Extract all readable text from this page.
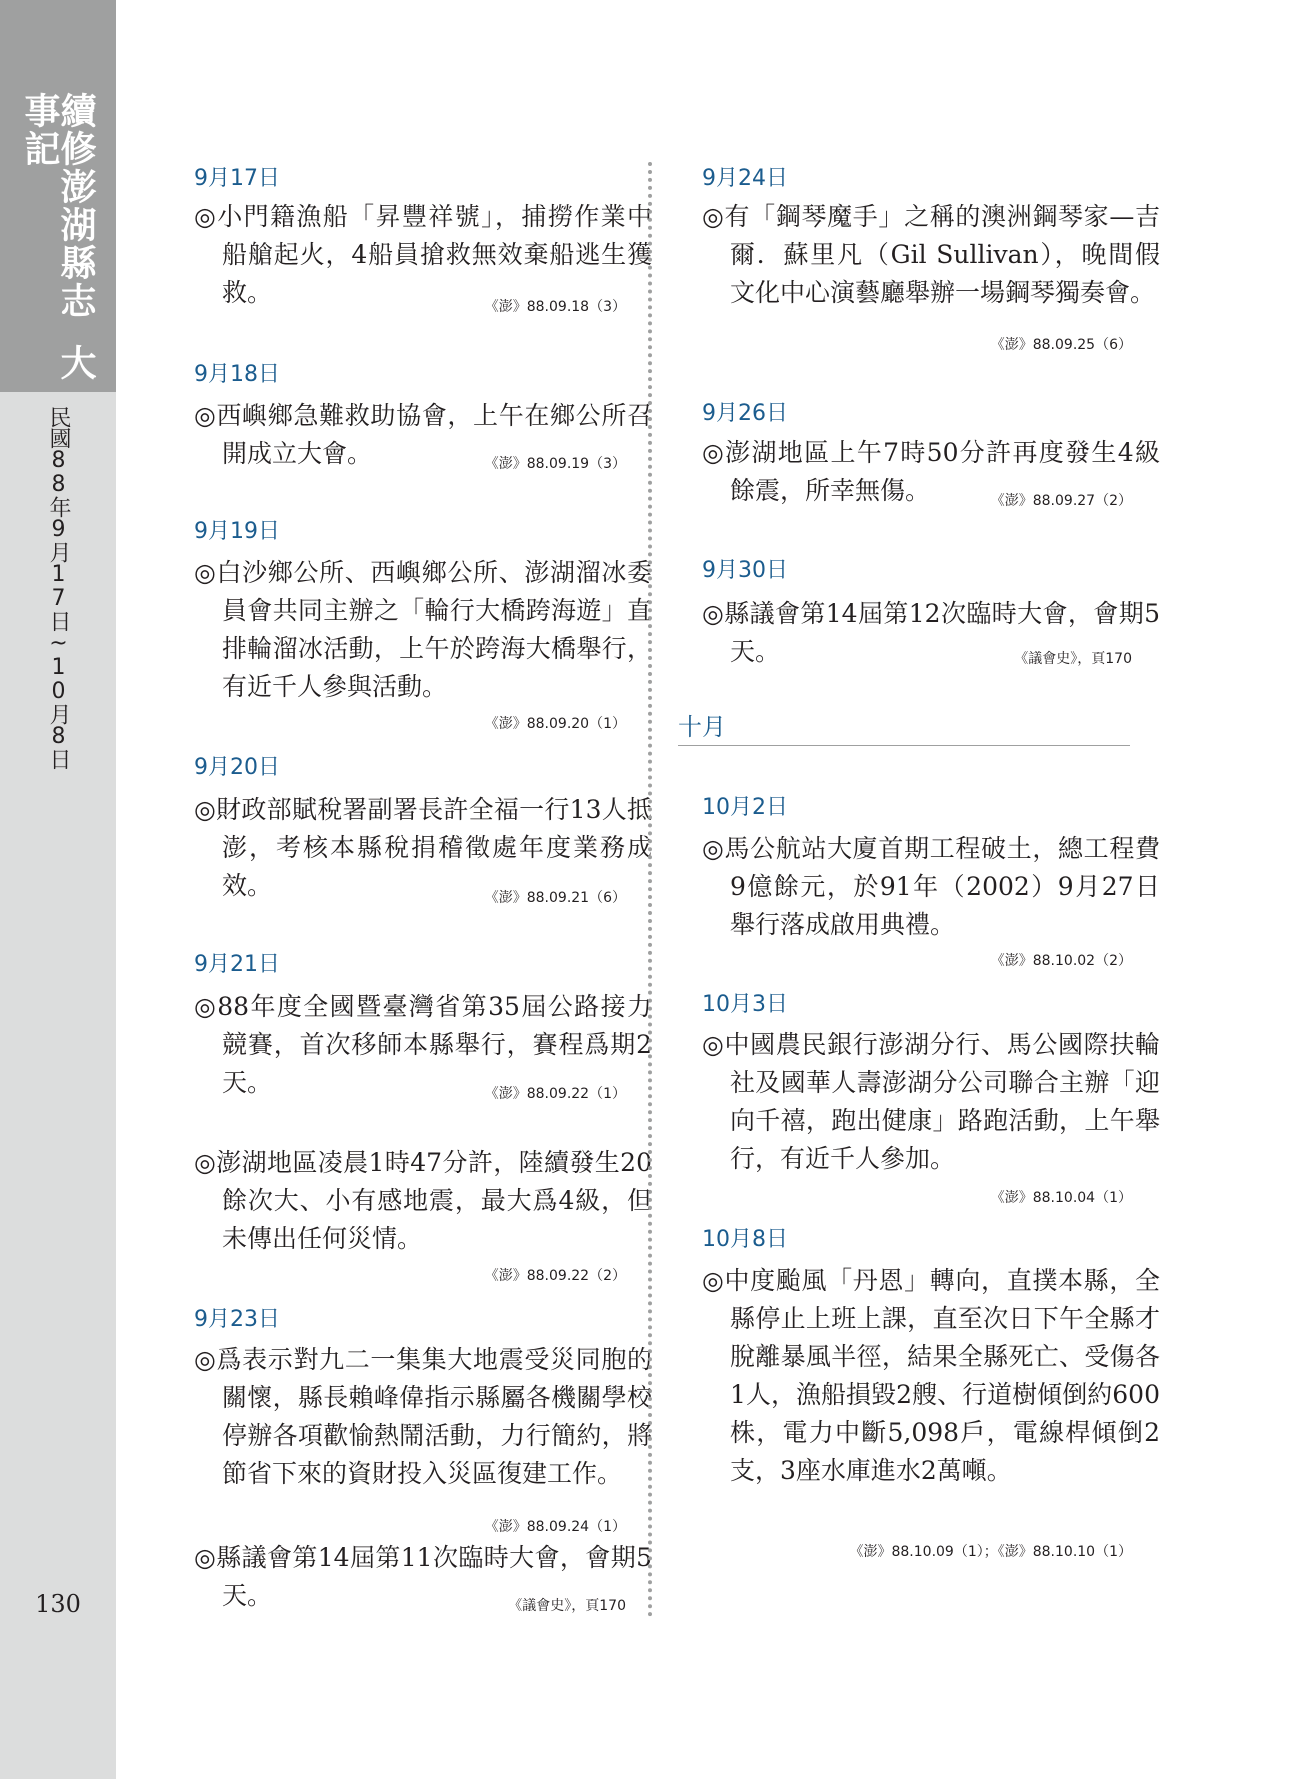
續修澎湖縣志大事記
民國88年9月17日~10月8日
130
9月17日
◎小門籍漁船「昇豐祥號」，捕撈作業中船艙起火，4船員搶救無效棄船逃生獲救。	《澎》88.09.18（3）
9月18日
◎西嶼鄉急難救助協會，上午在鄉公所召開成立大會。	《澎》88.09.19（3）
9月19日
◎白沙鄉公所、西嶼鄉公所、澎湖溜冰委員會共同主辦之「輪行大橋跨海遊」直排輪溜冰活動，上午於跨海大橋舉行，有近千人參與活動。
《澎》88.09.20（1）
9月20日
◎財政部賦稅署副署長許全福一行13人抵澎，考核本縣稅捐稽徵處年度業務成效。	《澎》88.09.21（6）
9月21日
◎88年度全國暨臺灣省第35屆公路接力競賽，首次移師本縣舉行，賽程爲期2天。	《澎》88.09.22（1）
◎澎湖地區凌晨1時47分許，陸續發生20餘次大、小有感地震，最大爲4級，但未傳出任何災情。
《澎》88.09.22（2）
9月23日
◎爲表示對九二一集集大地震受災同胞的關懷，縣長賴峰偉指示縣屬各機關學校停辦各項歡愉熱鬧活動，力行簡約，將節省下來的資財投入災區復建工作。
《澎》88.09.24（1）
◎縣議會第14屆第11次臨時大會，會期5天。	《議會史》，頁170
9月24日
◎有「鋼琴魔手」之稱的澳洲鋼琴家—吉爾．蘇里凡（Gil Sullivan），晚間假文化中心演藝廳舉辦一場鋼琴獨奏會。
《澎》88.09.25（6）
9月26日
◎澎湖地區上午7時50分許再度發生4級餘震，所幸無傷。	《澎》88.09.27（2）
9月30日
◎縣議會第14屆第12次臨時大會，會期5天。	《議會史》，頁170
10月2日
◎馬公航站大廈首期工程破土，總工程費9億餘元，於91年（2002）9月27日舉行落成啟用典禮。
《澎》88.10.02（2）
10月3日
◎中國農民銀行澎湖分行、馬公國際扶輪社及國華人壽澎湖分公司聯合主辦「迎向千禧，跑出健康」路跑活動，上午舉行，有近千人參加。
《澎》88.10.04（1）
10月8日
◎中度颱風「丹恩」轉向，直撲本縣，全縣停止上班上課，直至次日下午全縣才脫離暴風半徑，結果全縣死亡、受傷各1人，漁船損毀2艘、行道樹傾倒約600株，電力中斷5,098戶，電線桿傾倒2支，3座水庫進水2萬噸。
《澎》88.10.09（1）；《澎》88.10.10（1）
十月
